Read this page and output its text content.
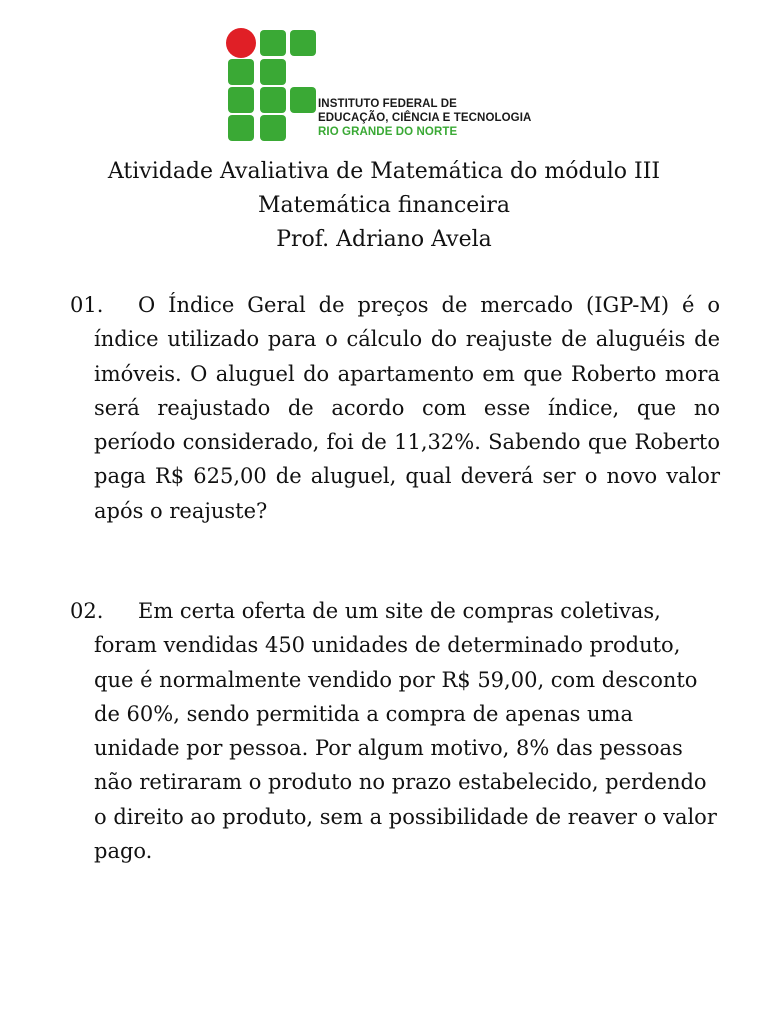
INSTITUTO FEDERAL DE
EDUCAÇÃO, CIÊNCIA E TECNOLOGIA
RIO GRANDE DO NORTE
Atividade Avaliativa de Matemática do módulo III
Matemática financeira
Prof. Adriano Avela
01.	O Índice Geral de preços de mercado (IGP-M) é o índice utilizado para o cálculo do reajuste de aluguéis de imóveis. O aluguel do apartamento em que Roberto mora será reajustado de acordo com esse índice, que no período considerado, foi de 11,32%. Sabendo que Roberto paga R$ 625,00 de aluguel, qual deverá ser o novo valor após o reajuste?
02.	Em certa oferta de um site de compras coletivas, foram vendidas 450 unidades de determinado produto, que é normalmente vendido por R$ 59,00, com desconto de 60%, sendo permitida a compra de apenas uma unidade por pessoa. Por algum motivo, 8% das pessoas não retiraram o produto no prazo estabelecido, perdendo o direito ao produto, sem a possibilidade de reaver o valor pago.
